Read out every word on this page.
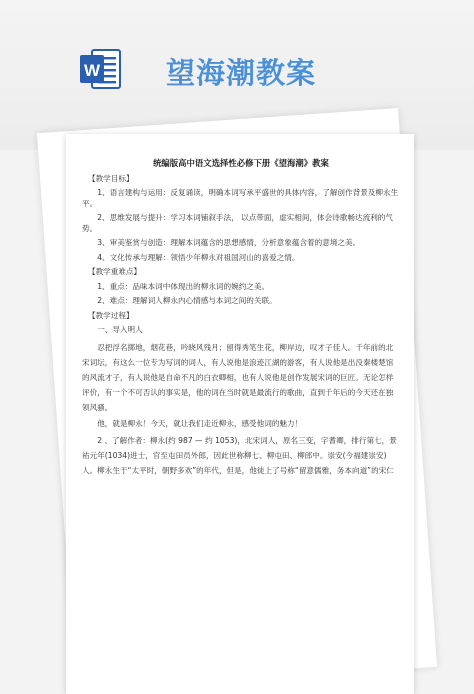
W 望海潮教案
统编版高中语文选择性必修下册《望海潮》教案
【教学目标】
1、语言建构与运用：反复诵读，明确本词写承平盛世的具体内容，了解创作背景及柳永生平。
2、思维发展与提升：学习本词铺叙手法， 以点带面，虚实相间，体会诗歌畅达流利的气势。
3、审美鉴赏与创造：理解本词蕴含的思想感情，分析意象蕴含着的意境之美。
4、文化传承与理解：领悟少年柳永对祖国河山的喜爱之情。
【教学重难点】
1、重点：品味本词中体现出的柳永词的婉约之美。
2、难点：理解词人柳永内心情感与本词之间的关联。
【教学过程】
一、导入明人
忍把浮名掷地，烟花巷，吟晓风残月；留得秀笔生花，柳岸边，叹才子佳人。千年前的北宋词坛，有这么一位专为写词的词人，有人说他是浪迹江湖的游客，有人说他是出没秦楼楚馆的风流才子，有人说他是自命不凡的白衣卿相，也有人说他是创作发展宋词的巨匠。无论怎样评价，有一个不可否认的事实是，他的词在当时就是最流行的歌曲，直到千年后的今天还在独领风骚。
他，就是柳永！今天，就让我们走近柳永，感受他词的魅力！
2 、了解作者：柳永(约 987 — 约 1053)，北宋词人，原名三变，字耆卿，排行第七，景祐元年(1034)进士，官至屯田员外郎，因此世称柳七、柳屯田、柳郎中。崇安(今福建崇安)人。柳永生于“太平时，朝野多欢”的年代，但是，他徒上了号称“留意儒雅，务本向道”的宋仁
